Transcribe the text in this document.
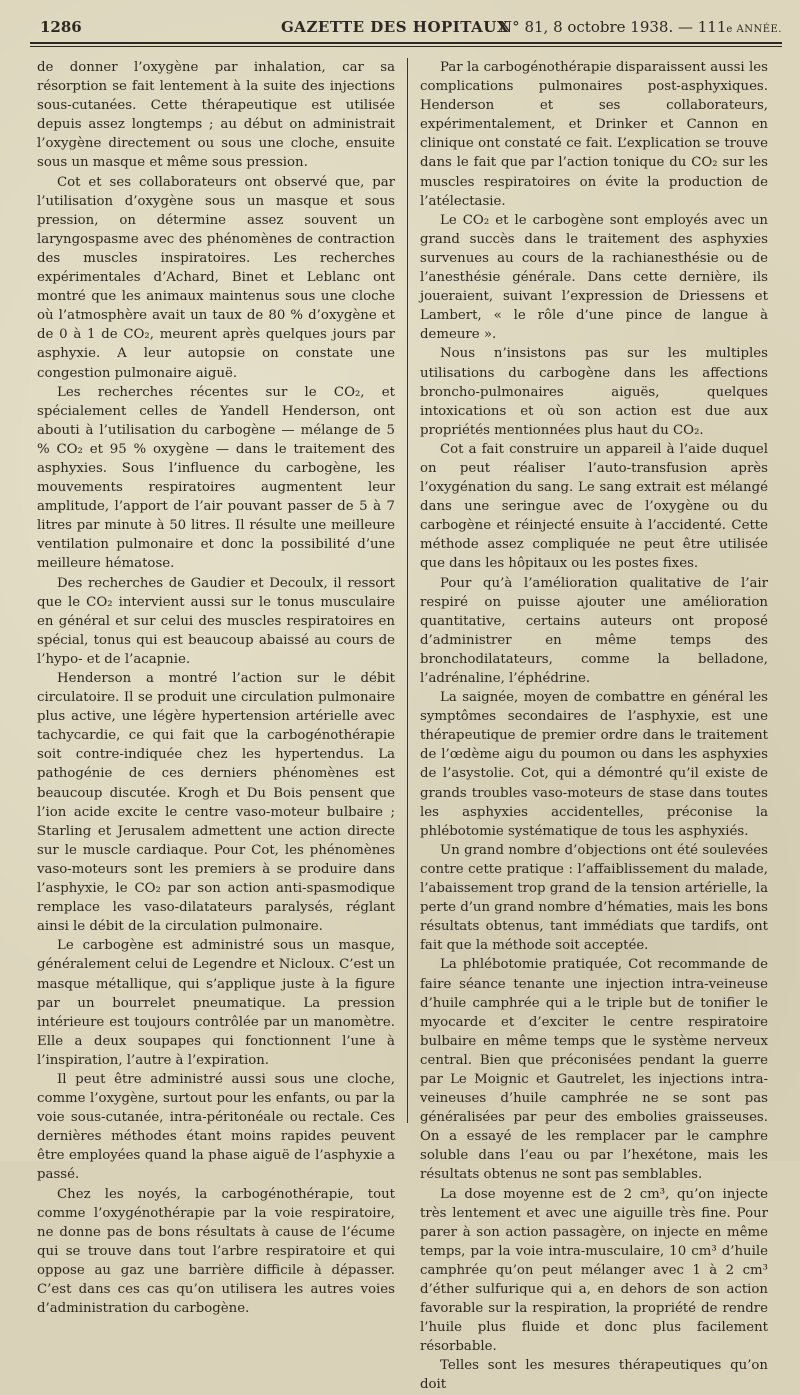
1286	GAZETTE DES HOPITAUX
N° 81, 8 octobre 1938. — 111e ANNÉE.

de donner l’oxygène par inhalation, car sa résorption se fait lentement à la suite des injections sous-cutanées. Cette thérapeutique est utilisée depuis assez longtemps ; au début on administrait l’oxygène directement ou sous une cloche, ensuite sous un masque et même sous pression.

Cot et ses collaborateurs ont observé que, par l’utilisation d’oxygène sous un masque et sous pression, on détermine assez souvent un laryngospasme avec des phénomènes de contraction des muscles inspiratoires. Les recherches expérimentales d’Achard, Binet et Leblanc ont montré que les animaux maintenus sous une cloche où l’atmosphère avait un taux de 80 % d’oxygène et de 0 à 1 de CO₂, meurent après quelques jours par asphyxie. A leur autopsie on constate une congestion pulmonaire aiguë.

Les recherches récentes sur le CO₂, et spécialement celles de Yandell Henderson, ont abouti à l’utilisation du carbogène — mélange de 5 % CO₂ et 95 % oxygène — dans le traitement des asphyxies. Sous l’influence du carbogène, les mouvements respiratoires augmentent leur amplitude, l’apport de l’air pouvant passer de 5 à 7 litres par minute à 50 litres. Il résulte une meilleure ventilation pulmonaire et donc la possibilité d’une meilleure hématose.

Des recherches de Gaudier et Decoulx, il ressort que le CO₂ intervient aussi sur le tonus musculaire en général et sur celui des muscles respiratoires en spécial, tonus qui est beaucoup abaissé au cours de l’hypo- et de l’acapnie.

Henderson a montré l’action sur le débit circulatoire. Il se produit une circulation pulmonaire plus active, une légère hypertension artérielle avec tachycardie, ce qui fait que la carbogénothérapie soit contre-indiquée chez les hypertendus. La pathogénie de ces derniers phénomènes est beaucoup discutée. Krogh et Du Bois pensent que l’ion acide excite le centre vaso-moteur bulbaire ; Starling et Jerusalem admettent une action directe sur le muscle cardiaque. Pour Cot, les phénomènes vaso-moteurs sont les premiers à se produire dans l’asphyxie, le CO₂ par son action anti-spasmodique remplace les vaso-dilatateurs paralysés, réglant ainsi le débit de la circulation pulmonaire.

Le carbogène est administré sous un masque, généralement celui de Legendre et Nicloux. C’est un masque métallique, qui s’applique juste à la figure par un bourrelet pneumatique. La pression intérieure est toujours contrôlée par un manomètre. Elle a deux soupapes qui fonctionnent l’une à l’inspiration, l’autre à l’expiration.

Il peut être administré aussi sous une cloche, comme l’oxygène, surtout pour les enfants, ou par la voie sous-cutanée, intra-péritonéale ou rectale. Ces dernières méthodes étant moins rapides peuvent être employées quand la phase aiguë de l’asphyxie a passé.

Chez les noyés, la carbogénothérapie, tout comme l’oxygénothérapie par la voie respiratoire, ne donne pas de bons résultats à cause de l’écume qui se trouve dans tout l’arbre respiratoire et qui oppose au gaz une barrière difficile à dépasser. C’est dans ces cas qu’on utilisera les autres voies d’administration du carbogène.

Par la carbogénothérapie disparaissent aussi les complications pulmonaires post-asphyxiques. Henderson et ses collaborateurs, expérimentalement, et Drinker et Cannon en clinique ont constaté ce fait. L’explication se trouve dans le fait que par l’action tonique du CO₂ sur les muscles respiratoires on évite la production de l’atélectasie.

Le CO₂ et le carbogène sont employés avec un grand succès dans le traitement des asphyxies survenues au cours de la rachianesthésie ou de l’anesthésie générale. Dans cette dernière, ils joueraient, suivant l’expression de Driessens et Lambert, « le rôle d’une pince de langue à demeure ».

Nous n’insistons pas sur les multiples utilisations du carbogène dans les affections broncho-pulmonaires aiguës, quelques intoxications et où son action est due aux propriétés mentionnées plus haut du CO₂.

Cot a fait construire un appareil à l’aide duquel on peut réaliser l’auto-transfusion après l’oxygénation du sang. Le sang extrait est mélangé dans une seringue avec de l’oxygène ou du carbogène et réinjecté ensuite à l’accidenté. Cette méthode assez compliquée ne peut être utilisée que dans les hôpitaux ou les postes fixes.

Pour qu’à l’amélioration qualitative de l’air respiré on puisse ajouter une amélioration quantitative, certains auteurs ont proposé d’administrer en même temps des bronchodilatateurs, comme la belladone, l’adrénaline, l’éphédrine.

La saignée, moyen de combattre en général les symptômes secondaires de l’asphyxie, est une thérapeutique de premier ordre dans le traitement de l’œdème aigu du poumon ou dans les asphyxies de l’asystolie. Cot, qui a démontré qu’il existe de grands troubles vaso-moteurs de stase dans toutes les asphyxies accidentelles, préconise la phlébotomie systématique de tous les asphyxiés.

Un grand nombre d’objections ont été soulevées contre cette pratique : l’affaiblissement du malade, l’abaissement trop grand de la tension artérielle, la perte d’un grand nombre d’hématies, mais les bons résultats obtenus, tant immédiats que tardifs, ont fait que la méthode soit acceptée.

La phlébotomie pratiquée, Cot recommande de faire séance tenante une injection intra-veineuse d’huile camphrée qui a le triple but de tonifier le myocarde et d’exciter le centre respiratoire bulbaire en même temps que le système nerveux central. Bien que préconisées pendant la guerre par Le Moignic et Gautrelet, les injections intra-veineuses d’huile camphrée ne se sont pas généralisées par peur des embolies graisseuses. On a essayé de les remplacer par le camphre soluble dans l’eau ou par l’hexétone, mais les résultats obtenus ne sont pas semblables.

La dose moyenne est de 2 cm³, qu’on injecte très lentement et avec une aiguille très fine. Pour parer à son action passagère, on injecte en même temps, par la voie intra-musculaire, 10 cm³ d’huile camphrée qu’on peut mélanger avec 1 à 2 cm³ d’éther sulfurique qui a, en dehors de son action favorable sur la respiration, la propriété de rendre l’huile plus fluide et donc plus facilement résorbable.

Telles sont les mesures thérapeutiques qu’on doit
